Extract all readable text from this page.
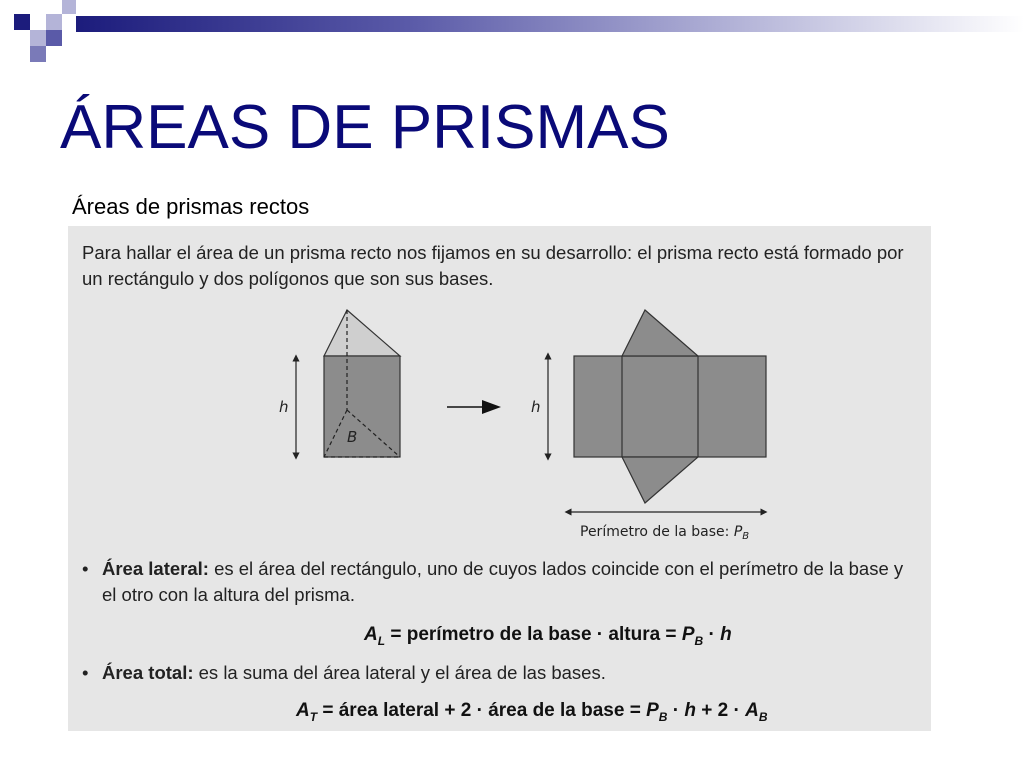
ÁREAS DE PRISMAS

Áreas de prismas rectos

Para hallar el área de un prisma recto nos fijamos en su desarrollo: el prisma recto está formado por un rectángulo y dos polígonos que son sus bases.

h
B
h
Perímetro de la base: $P_B$
• Área lateral: es el área del rectángulo, uno de cuyos lados coincide con el perímetro de la base y el otro con la altura del prisma.
$A_L$ = perímetro de la base · altura = $P_B \cdot h$
• Área total: es la suma del área lateral y el área de las bases.
$A_T$ = área lateral + 2 · área de la base = $P_B \cdot h + 2 \cdot A_B$
